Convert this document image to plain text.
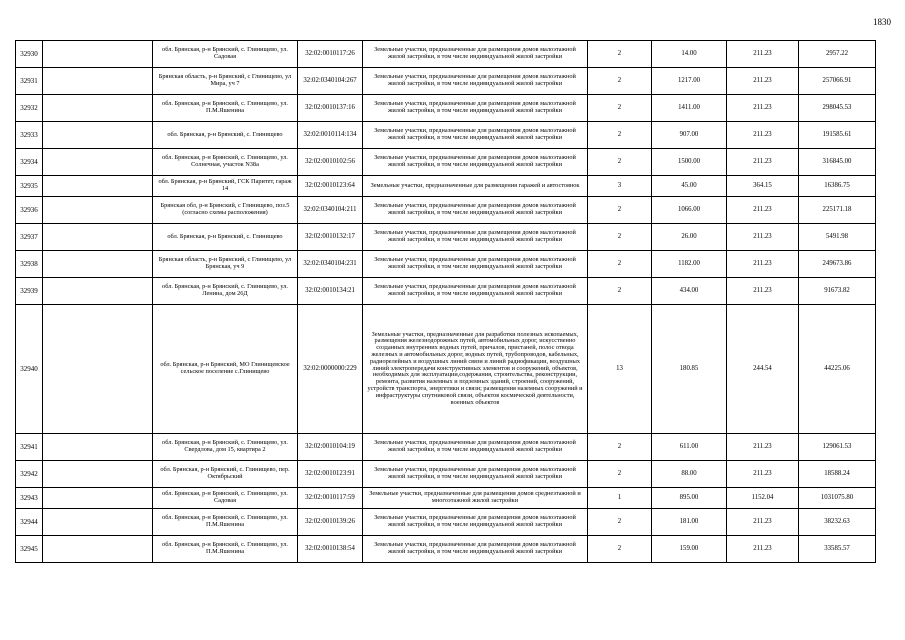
1830
32930		обл. Брянская, р-н Брянский, с. Глинищево, ул. Садовая	32:02:0010117:26	Земельные участки, предназначенные для размещения домов малоэтажной жилой застройки, в том числе индивидуальной жилой застройки	2	14.00	211.23	2957.22
32931		Брянская область, р-н Брянский, с Глинищево, ул Мира, уч 7	32:02:0340104:267	Земельные участки, предназначенные для размещения домов малоэтажной жилой застройки, в том числе индивидуальной жилой застройки	2	1217.00	211.23	257066.91
32932		обл. Брянская, р-н Брянский, с. Глинищево, ул. П.М.Яшенина	32:02:0010137:16	Земельные участки, предназначенные для размещения домов малоэтажной жилой застройки, в том числе индивидуальной жилой застройки	2	1411.00	211.23	298045.53
32933		обл. Брянская, р-н Брянский, с. Глинищево	32:02:0010114:134	Земельные участки, предназначенные для размещения домов малоэтажной жилой застройки, в том числе индивидуальной жилой застройки	2	907.00	211.23	191585.61
32934		обл. Брянская, р-н Брянский, с. Глинищево, ул. Солнечная, участок N38а	32:02:0010102:56	Земельные участки, предназначенные для размещения домов малоэтажной жилой застройки, в том числе индивидуальной жилой застройки	2	1500.00	211.23	316845.00
32935		обл. Брянская, р-н Брянский, ГСК Паритет, гараж 14	32:02:0010123:64	Земельные участки, предназначенные для размещения гаражей и автостоянок	3	45.00	364.15	16386.75
32936		Брянская обл, р-н Брянский, с Глинищево, поз.5 (согласно схемы расположения)	32:02:0340104:211	Земельные участки, предназначенные для размещения домов малоэтажной жилой застройки, в том числе индивидуальной жилой застройки	2	1066.00	211.23	225171.18
32937		обл. Брянская, р-н Брянский, с. Глинищево	32:02:0010132:17	Земельные участки, предназначенные для размещения домов малоэтажной жилой застройки, в том числе индивидуальной жилой застройки	2	26.00	211.23	5491.98
32938		Брянская область, р-н Брянский, с Глинищево, ул Брянская, уч 9	32:02:0340104:231	Земельные участки, предназначенные для размещения домов малоэтажной жилой застройки, в том числе индивидуальной жилой застройки	2	1182.00	211.23	249673.86
32939		обл. Брянская, р-н Брянский, с. Глинищево, ул. Ленина, дом 26Д	32:02:0010134:21	Земельные участки, предназначенные для размещения домов малоэтажной жилой застройки, в том числе индивидуальной жилой застройки	2	434.00	211.23	91673.82
32940		обл. Брянская, р-н Брянский, МО Глинищевское сельское поселение с.Глинищево	32:02:0000000:229	Земельные участки, предназначенные для разработки полезных ископаемых, размещения железнодорожных путей, автомобильных дорог, искусственно созданных внутренних водных путей, причалов, пристаней, полос отвода железных и автомобильных дорог, водных путей, трубопроводов, кабельных, радиорелейных и воздушных линий связи и линий радиофикации, воздушных линий электропередачи конструктивных элементов и сооружений, объектов, необходимых для эксплуатации,содержания, строительства, реконструкции, ремонта, развития наземных и подземных зданий, строений, сооружений, устройств транспорта, энергетики и связи; размещения наземных сооружений и инфраструктуры спутниковой связи, объектов космической деятельности, военных объектов	13	180.85	244.54	44225.06
32941		обл. Брянская, р-н Брянский, с. Глинищево, ул. Свердлова, дом 15, квартира 2	32:02:0010104:19	Земельные участки, предназначенные для размещения домов малоэтажной жилой застройки, в том числе индивидуальной жилой застройки	2	611.00	211.23	129061.53
32942		обл. Брянская, р-н Брянский, с. Глинищево, пер. Октябрьский	32:02:0010123:91	Земельные участки, предназначенные для размещения домов малоэтажной жилой застройки, в том числе индивидуальной жилой застройки	2	88.00	211.23	18588.24
32943		обл. Брянская, р-н Брянский, с. Глинищево, ул. Садовая	32:02:0010117:59	Земельные участки, предназначенные для размещения домов среднеэтажной и многоэтажной жилой застройки	1	895.00	1152.04	1031075.80
32944		обл. Брянская, р-н Брянский, с. Глинищево, ул. П.М.Яшенина	32:02:0010139:26	Земельные участки, предназначенные для размещения домов малоэтажной жилой застройки, в том числе индивидуальной жилой застройки	2	181.00	211.23	38232.63
32945		обл. Брянская, р-н Брянский, с. Глинищево, ул. П.М.Яшенина	32:02:0010138:54	Земельные участки, предназначенные для размещения домов малоэтажной жилой застройки, в том числе индивидуальной жилой застройки	2	159.00	211.23	33585.57
